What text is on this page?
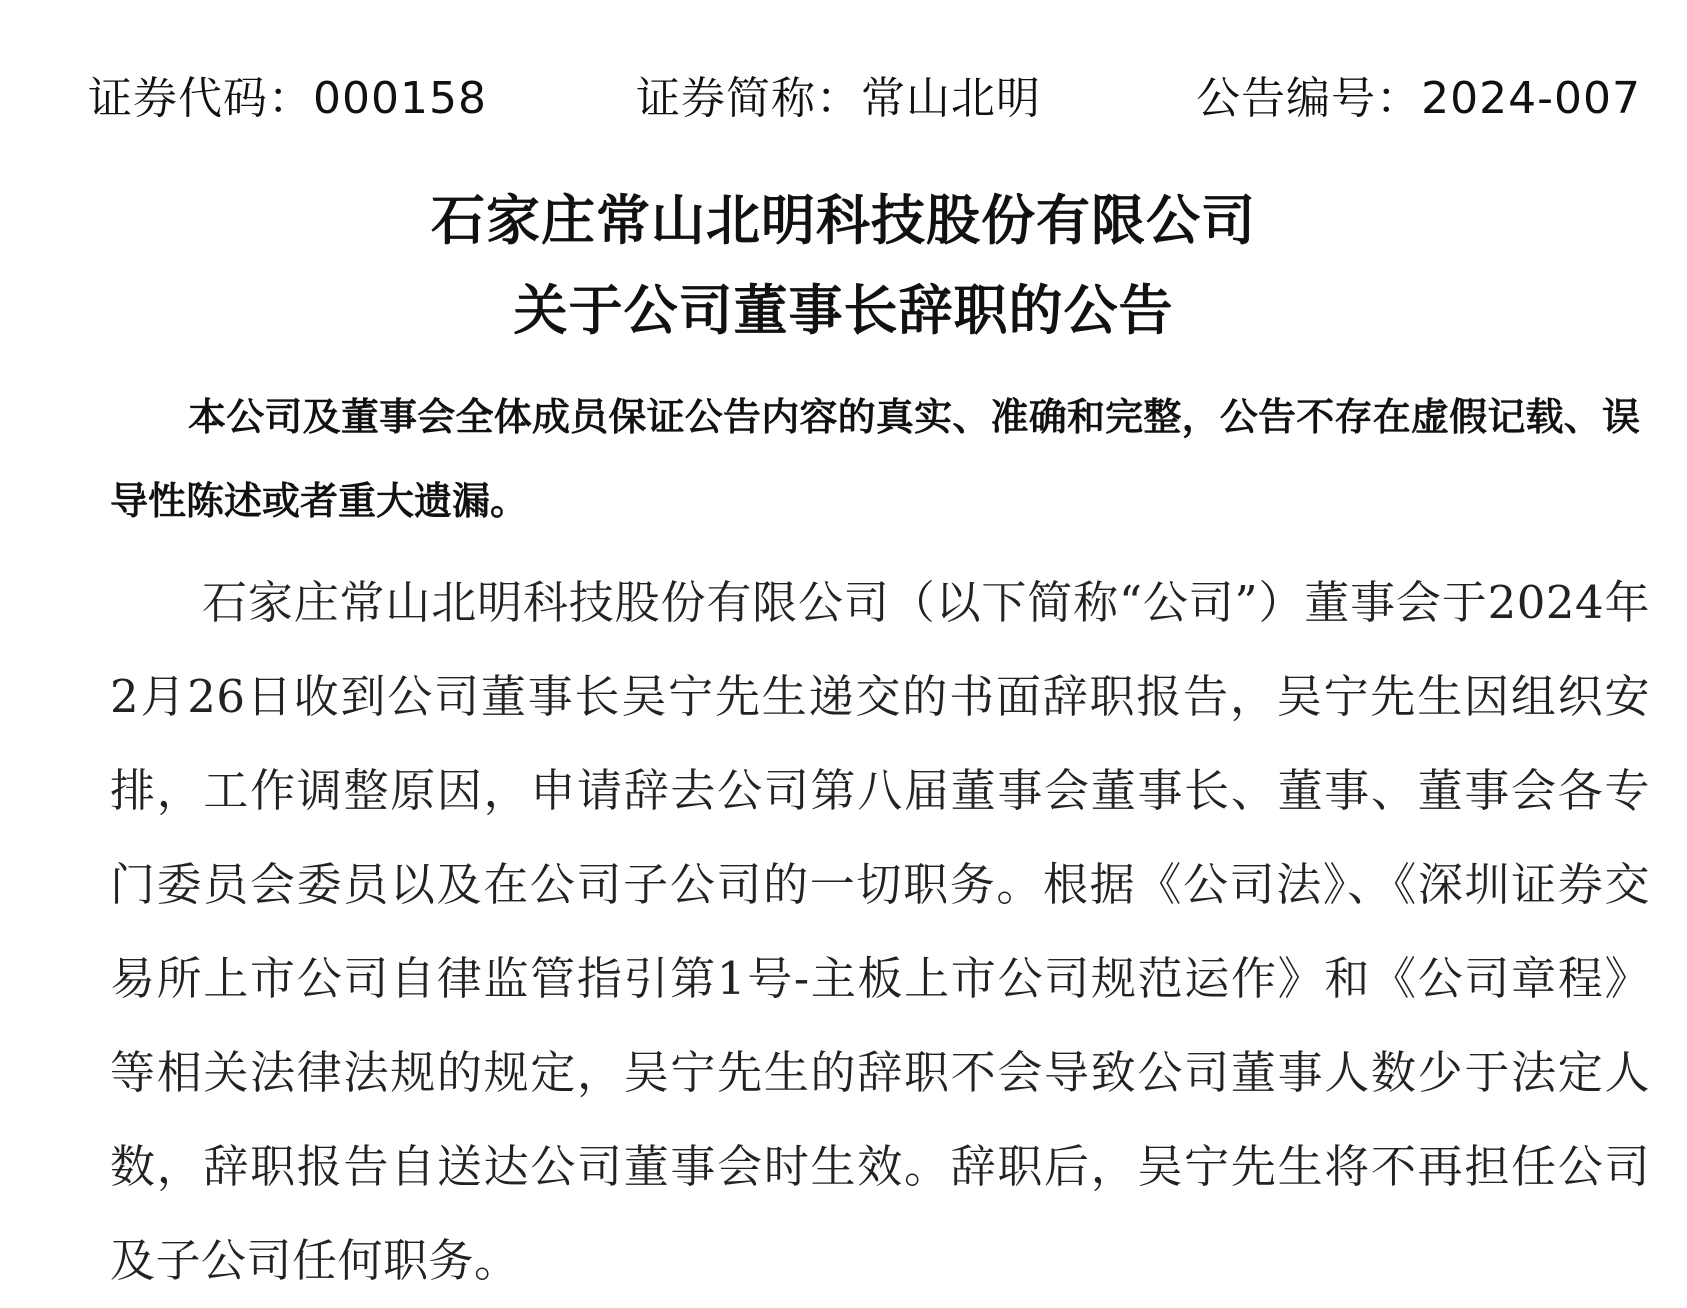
证券代码：000158	证券简称：常山北明	公告编号：2024-007
石家庄常山北明科技股份有限公司
关于公司董事长辞职的公告

本公司及董事会全体成员保证公告内容的真实、准确和完整，公告不存在虚假记载、误导性陈述或者重大遗漏。

石家庄常山北明科技股份有限公司（以下简称“公司”）董事会于2024年2月26日收到公司董事长吴宁先生递交的书面辞职报告，吴宁先生因组织安排，工作调整原因，申请辞去公司第八届董事会董事长、董事、董事会各专门委员会委员以及在公司子公司的一切职务。根据《公司法》、《深圳证券交易所上市公司自律监管指引第1号-主板上市公司规范运作》和《公司章程》等相关法律法规的规定，吴宁先生的辞职不会导致公司董事人数少于法定人数，辞职报告自送达公司董事会时生效。辞职后，吴宁先生将不再担任公司及子公司任何职务。
